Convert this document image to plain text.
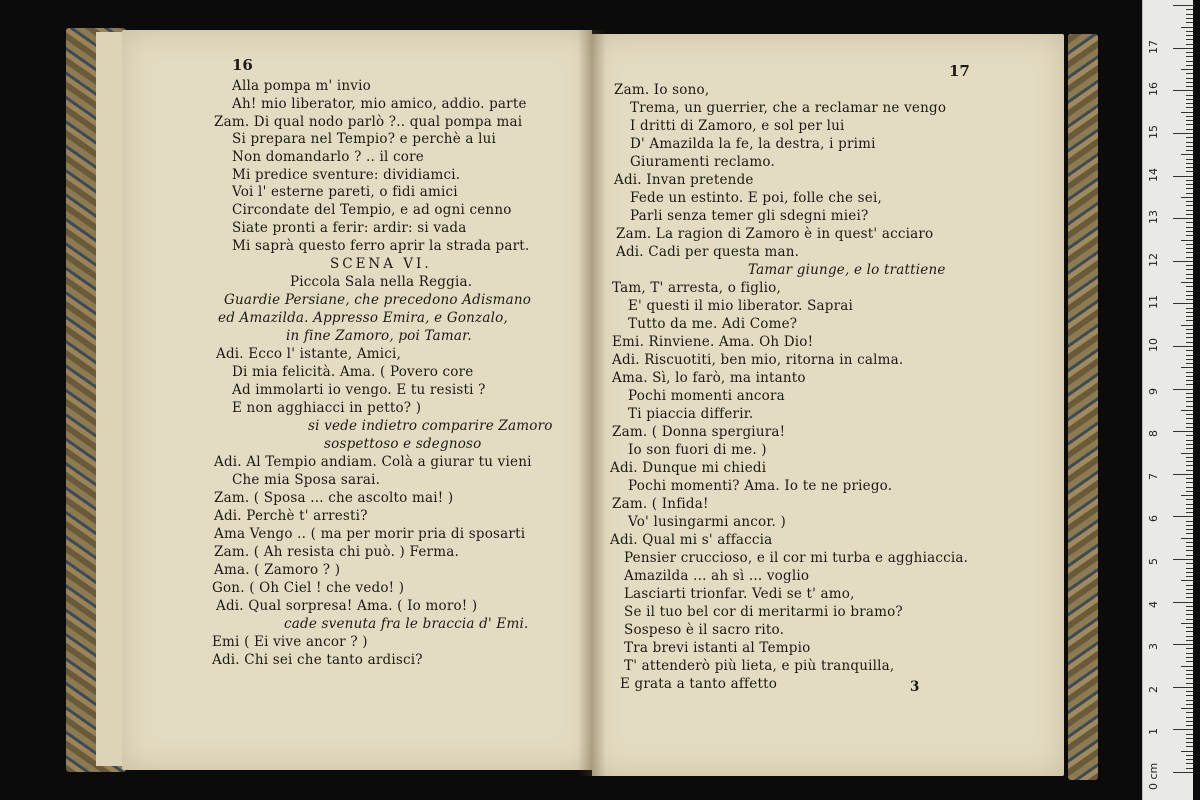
16	17
Alla pompa m' invio
Ah! mio liberator, mio amico, addio. parte
Zam. Di qual nodo parlò ?.. qual pompa mai
Si prepara nel Tempio? e perchè a lui
Non domandarlo ? .. il core
Mi predice sventure: dividiamci.
Voi l' esterne pareti, o fidi amici
Circondate del Tempio, e ad ogni cenno
Siate pronti a ferir: ardir: si vada
Mi saprà questo ferro aprir la strada part.
SCENA VI.
Piccola Sala nella Reggia.
Guardie Persiane, che precedono Adismano
ed Amazilda. Appresso Emira, e Gonzalo,
in fine Zamoro, poi Tamar.
Adi. Ecco l' istante, Amici,
Di mia felicità. Ama. ( Povero core
Ad immolarti io vengo. E tu resisti ?
E non agghiacci in petto? )
si vede indietro comparire Zamoro
sospettoso e sdegnoso
Adi. Al Tempio andiam. Colà a giurar tu vieni
Che mia Sposa sarai.
Zam. ( Sposa ... che ascolto mai! )
Adi. Perchè t' arresti?
Ama Vengo .. ( ma per morir pria di sposarti
Zam. ( Ah resista chi può. ) Ferma.
Ama. ( Zamoro ? )
Gon. ( Oh Ciel ! che vedo! )
Adi. Qual sorpresa! Ama. ( Io moro! )
cade svenuta fra le braccia d' Emi.
Emi ( Ei vive ancor ? )
Adi. Chi sei che tanto ardisci?
Zam. Io sono,
Trema, un guerrier, che a reclamar ne vengo
I dritti di Zamoro, e sol per lui
D' Amazilda la fe, la destra, i primi
Giuramenti reclamo.
Adi. Invan pretende
Fede un estinto. E poi, folle che sei,
Parli senza temer gli sdegni miei?
Zam. La ragion di Zamoro è in quest' acciaro
Adi. Cadi per questa man.
Tamar giunge, e lo trattiene
Tam, T' arresta, o figlio,
E' questi il mio liberator. Saprai
Tutto da me. Adi Come?
Emi. Rinviene. Ama. Oh Dio!
Adi. Riscuotiti, ben mio, ritorna in calma.
Ama. Sì, lo farò, ma intanto
Pochi momenti ancora
Ti piaccia differir.
Zam. ( Donna spergiura!
Io son fuori di me. )
Adi. Dunque mi chiedi
Pochi momenti? Ama. Io te ne priego.
Zam. ( Infida!
Vo' lusingarmi ancor. )
Adi. Qual mi s' affaccia
Pensier cruccioso, e il cor mi turba e agghiaccia.
Amazilda ... ah sì ... voglio
Lasciarti trionfar. Vedi se t' amo,
Se il tuo bel cor di meritarmi io bramo?
Sospeso è il sacro rito.
Tra brevi istanti al Tempio
T' attenderò più lieta, e più tranquilla,
E grata a tanto affetto	3
1
2
3
4
5
6
7
8
9
10
11
12
13
14
15
16
17
0 cm
